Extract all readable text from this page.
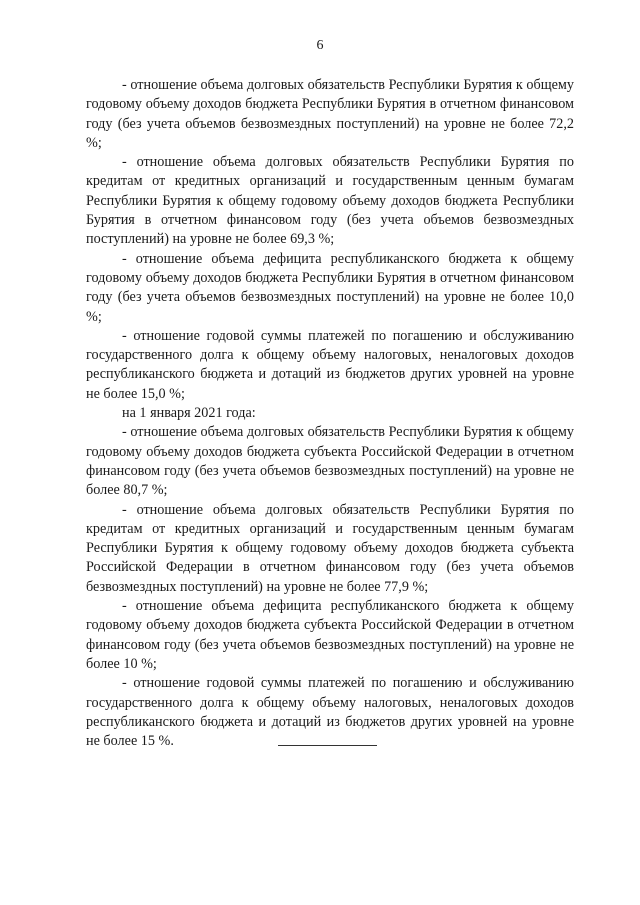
6

- отношение объема долговых обязательств Республики Бурятия к общему годовому объему доходов бюджета Республики Бурятия в отчетном финансовом году (без учета объемов безвозмездных поступлений) на уровне не более 72,2 %;

- отношение объема долговых обязательств Республики Бурятия по кредитам от кредитных организаций и государственным ценным бумагам Республики Бурятия к общему годовому объему доходов бюджета Республики Бурятия в отчетном финансовом году (без учета объемов безвозмездных поступлений) на уровне не более 69,3 %;

- отношение объема дефицита республиканского бюджета к общему годовому объему доходов бюджета Республики Бурятия в отчетном финансовом году (без учета объемов безвозмездных поступлений) на уровне не более 10,0 %;

- отношение годовой суммы платежей по погашению и обслуживанию государственного долга к общему объему налоговых, неналоговых доходов республиканского бюджета и дотаций из бюджетов других уровней на уровне не более 15,0 %;

на 1 января 2021 года:

- отношение объема долговых обязательств Республики Бурятия к общему годовому объему доходов бюджета субъекта Российской Федерации в отчетном финансовом году (без учета объемов безвозмездных поступлений) на уровне не более 80,7 %;

- отношение объема долговых обязательств Республики Бурятия по кредитам от кредитных организаций и государственным ценным бумагам Республики Бурятия к общему годовому объему доходов бюджета субъекта Российской Федерации в отчетном финансовом году (без учета объемов безвозмездных поступлений) на уровне не более 77,9 %;

- отношение объема дефицита республиканского бюджета к общему годовому объему доходов бюджета субъекта Российской Федерации в отчетном финансовом году (без учета объемов безвозмездных поступлений) на уровне не более 10 %;

- отношение годовой суммы платежей по погашению и обслуживанию государственного долга к общему объему налоговых, неналоговых доходов республиканского бюджета и дотаций из бюджетов других уровней на уровне не более 15 %.
